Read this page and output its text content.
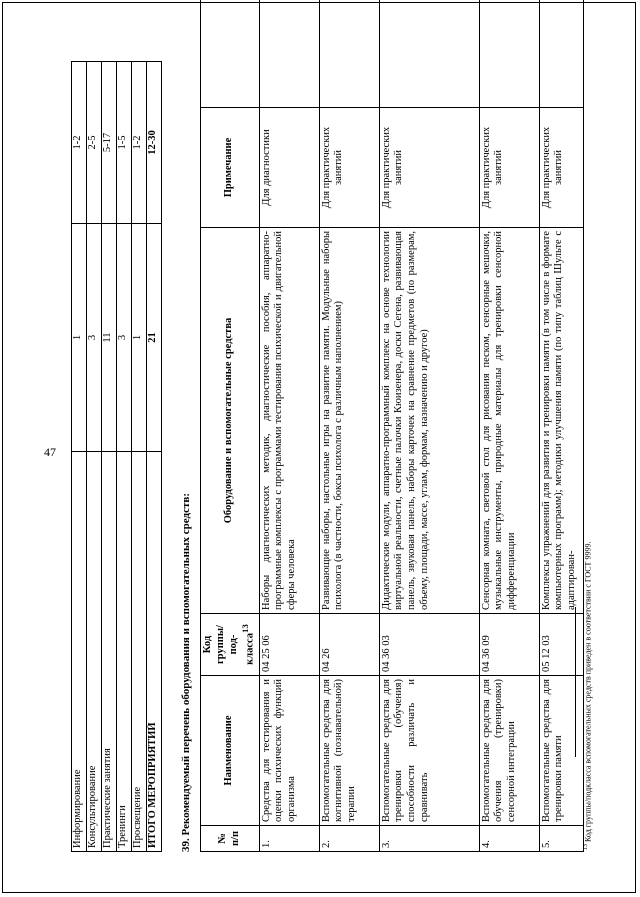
47
Информирование	1	1-2
Консультирование	3	2-5
Практические занятия	11	5-17
Тренинги	3	1-5
Просвещение	1	1-2
ИТОГО МЕРОПРИЯТИЙ	21	12-30
39. Рекомендуемый перечень оборудования и вспомогательных средств: № п/п	Наименование	Код группы/под-класса$^{13}$	Оборудование и вспомогательные средства	Примечание	
1.	Средства для тестирования и оценки психических функций организма	04 25 06	Наборы диагностических методик, диагностические пособия, аппаратно-программные комплексы с программами тестирования психической и двигательной сферы человека	Для диагностики	
2.	Вспомогательные средства для когнитивной (познавательной) терапии	04 26	Развивающие наборы, настольные игры на развитие памяти. Модульные наборы психолога (в частности, боксы психолога с различным наполнением)	Для практических занятий	
3.	Вспомогательные средства для тренировки (обучения) способности различать и сравнивать	04 36 03	Дидактические модули, аппаратно-программный комплекс на основе технологии виртуальной реальности, счетные палочки Кюизенера, доски Сегена, развивающая панель, звуковая панель, наборы карточек на сравнение предметов (по размерам, объему, площади, массе, углам, формам, назначению и другое)	Для практических занятий	
4.	Вспомогательные средства для обучения (тренировки) сенсорной интеграции	04 36 09	Сенсорная комната, световой стол для рисования песком, сенсорные мешочки, музыкальные инструменты, природные материалы для тренировки сенсорной дифференциации	Для практических занятий	
5.	Вспомогательные средства для тренировки памяти	05 12 03	Комплексы упражнений для развития и тренировки памяти (в том числе в формате компьютерных программ); методики улучшения памяти (по типу таблиц Шульте с адаптирован-	Для практических занятий	
$^{13}$ Код группы/подкласса вспомогательных средств приведен в соответствии с ГОСТ 9999.
